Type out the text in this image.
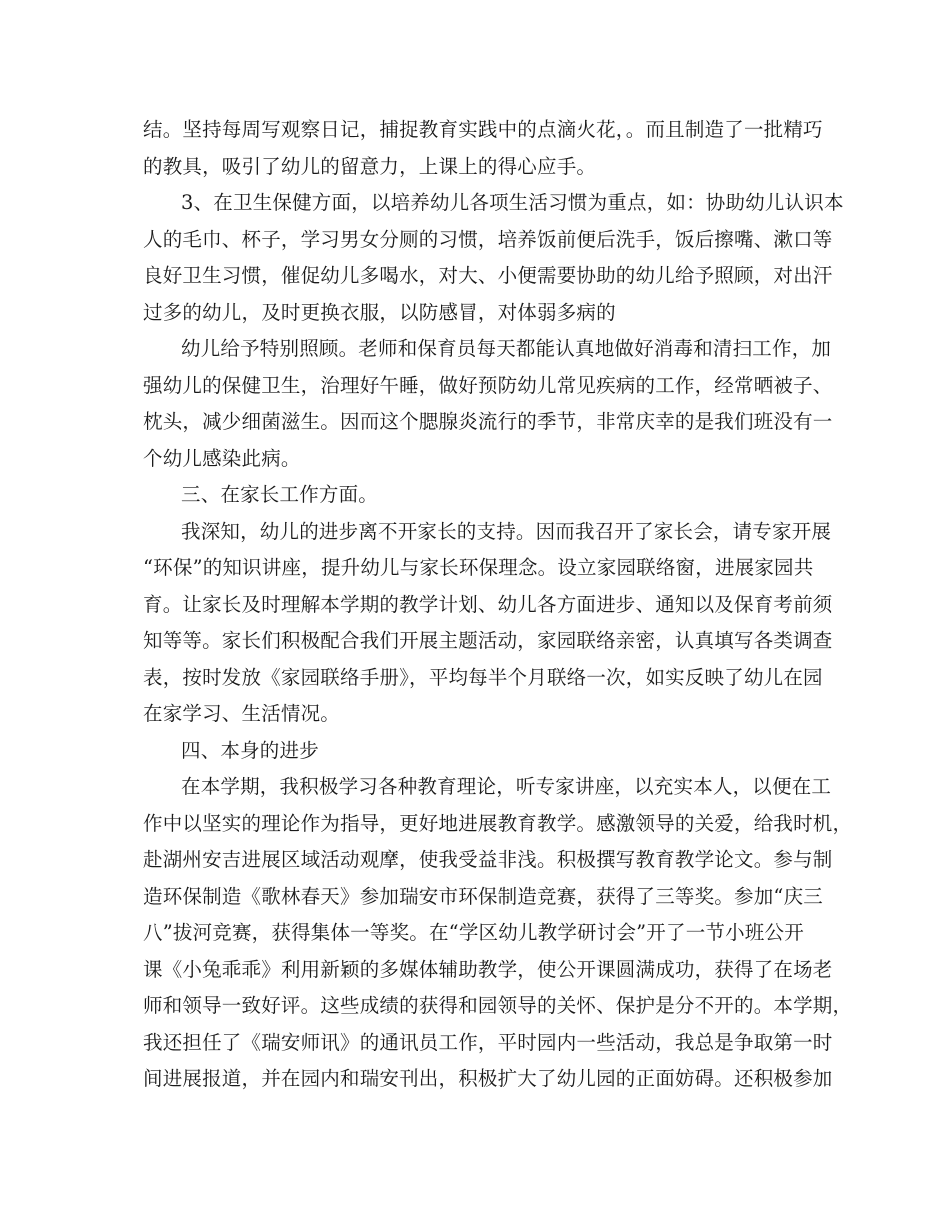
结。坚持每周写观察日记，捕捉教育实践中的点滴火花，。而且制造了一批精巧
的教具，吸引了幼儿的留意力，上课上的得心应手。
3、在卫生保健方面，以培养幼儿各项生活习惯为重点，如：协助幼儿认识本
人的毛巾、杯子，学习男女分厕的习惯，培养饭前便后洗手，饭后擦嘴、漱口等
良好卫生习惯，催促幼儿多喝水，对大、小便需要协助的幼儿给予照顾，对出汗
过多的幼儿，及时更换衣服，以防感冒，对体弱多病的
幼儿给予特别照顾。老师和保育员每天都能认真地做好消毒和清扫工作，加
强幼儿的保健卫生，治理好午睡，做好预防幼儿常见疾病的工作，经常晒被子、
枕头，减少细菌滋生。因而这个腮腺炎流行的季节，非常庆幸的是我们班没有一
个幼儿感染此病。
三、在家长工作方面。
我深知，幼儿的进步离不开家长的支持。因而我召开了家长会，请专家开展
“环保”的知识讲座，提升幼儿与家长环保理念。设立家园联络窗，进展家园共
育。让家长及时理解本学期的教学计划、幼儿各方面进步、通知以及保育考前须
知等等。家长们积极配合我们开展主题活动，家园联络亲密，认真填写各类调查
表，按时发放《家园联络手册》，平均每半个月联络一次，如实反映了幼儿在园
在家学习、生活情况。
四、本身的进步
在本学期，我积极学习各种教育理论，听专家讲座，以充实本人，以便在工
作中以坚实的理论作为指导，更好地进展教育教学。感激领导的关爱，给我时机，
赴湖州安吉进展区域活动观摩，使我受益非浅。积极撰写教育教学论文。参与制
造环保制造《歌林春天》参加瑞安市环保制造竞赛，获得了三等奖。参加“庆三
八”拔河竞赛，获得集体一等奖。在“学区幼儿教学研讨会”开了一节小班公开
课《小兔乖乖》利用新颖的多媒体辅助教学，使公开课圆满成功，获得了在场老
师和领导一致好评。这些成绩的获得和园领导的关怀、保护是分不开的。本学期，
我还担任了《瑞安师讯》的通讯员工作，平时园内一些活动，我总是争取第一时
间进展报道，并在园内和瑞安刊出，积极扩大了幼儿园的正面妨碍。还积极参加
